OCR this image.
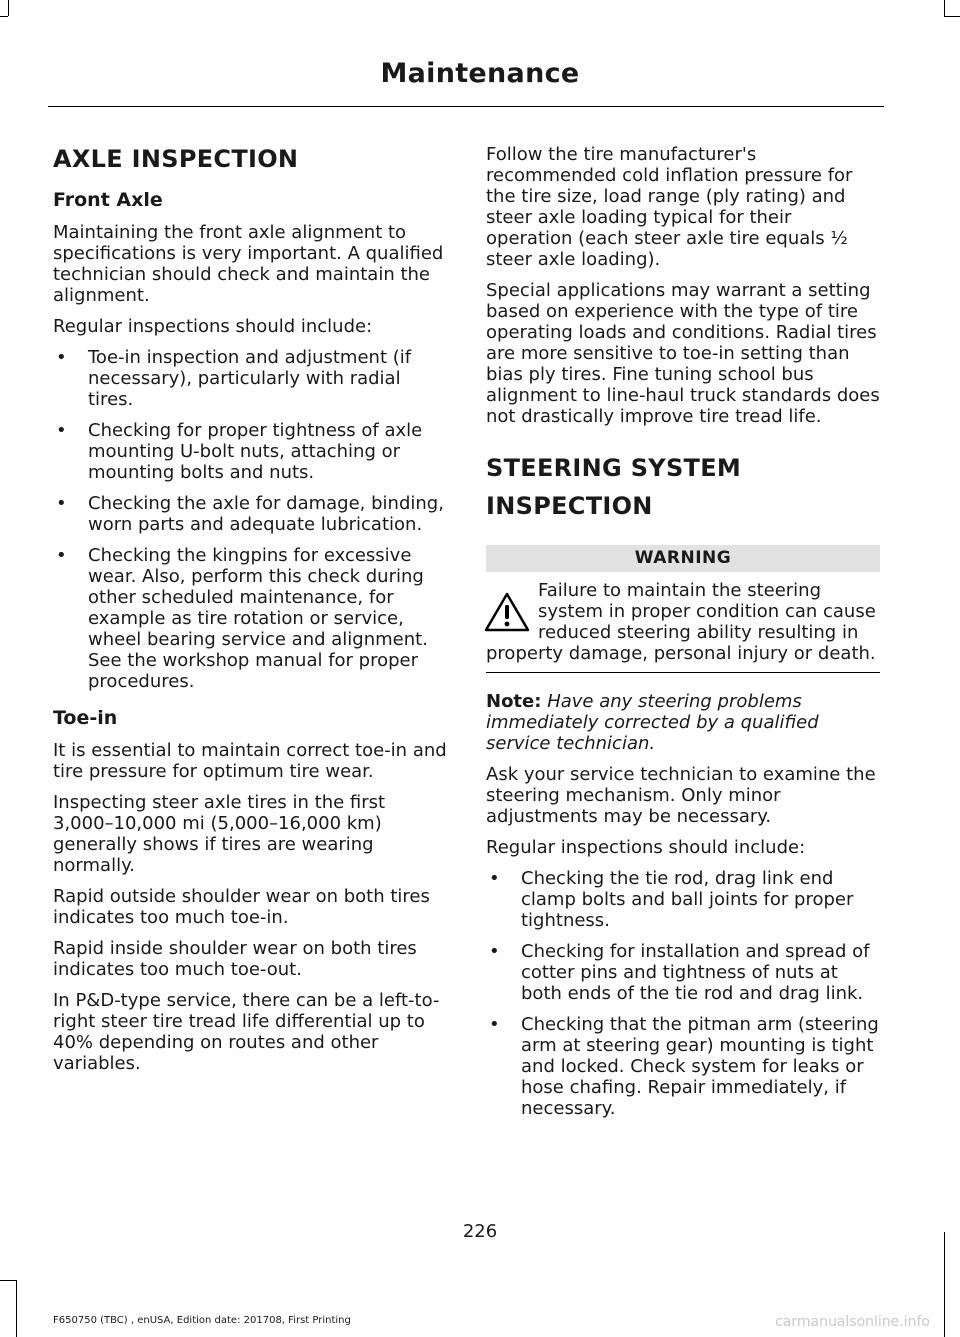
Maintenance
AXLE INSPECTION
Front Axle

Maintaining the front axle alignment to specifications is very important. A qualified technician should check and maintain the alignment.

Regular inspections should include:

• Toe-in inspection and adjustment (if necessary), particularly with radial tires.
• Checking for proper tightness of axle mounting U-bolt nuts, attaching or mounting bolts and nuts.
• Checking the axle for damage, binding, worn parts and adequate lubrication.
• Checking the kingpins for excessive wear. Also, perform this check during other scheduled maintenance, for example as tire rotation or service, wheel bearing service and alignment. See the workshop manual for proper procedures.
Toe-in

It is essential to maintain correct toe-in and tire pressure for optimum tire wear.

Inspecting steer axle tires in the first 3,000–10,000 mi (5,000–16,000 km) generally shows if tires are wearing normally.

Rapid outside shoulder wear on both tires indicates too much toe-in.

Rapid inside shoulder wear on both tires indicates too much toe-out.

In P&D-type service, there can be a left-to-right steer tire tread life differential up to 40% depending on routes and other variables.

Follow the tire manufacturer's recommended cold inflation pressure for the tire size, load range (ply rating) and steer axle loading typical for their operation (each steer axle tire equals ½ steer axle loading).

Special applications may warrant a setting based on experience with the type of tire operating loads and conditions. Radial tires are more sensitive to toe-in setting than bias ply tires. Fine tuning school bus alignment to line-haul truck standards does not drastically improve tire tread life.

STEERING SYSTEM
INSPECTION
WARNING

Failure to maintain the steering system in proper condition can cause reduced steering ability resulting in property damage, personal injury or death.

Note: Have any steering problems immediately corrected by a qualified service technician.

Ask your service technician to examine the steering mechanism. Only minor adjustments may be necessary.

Regular inspections should include:

• Checking the tie rod, drag link end clamp bolts and ball joints for proper tightness.
• Checking for installation and spread of cotter pins and tightness of nuts at both ends of the tie rod and drag link.
• Checking that the pitman arm (steering arm at steering gear) mounting is tight and locked. Check system for leaks or hose chafing. Repair immediately, if necessary.
226
F650750 (TBC) , enUSA, Edition date: 201708, First Printing	carmanualsonline.info
